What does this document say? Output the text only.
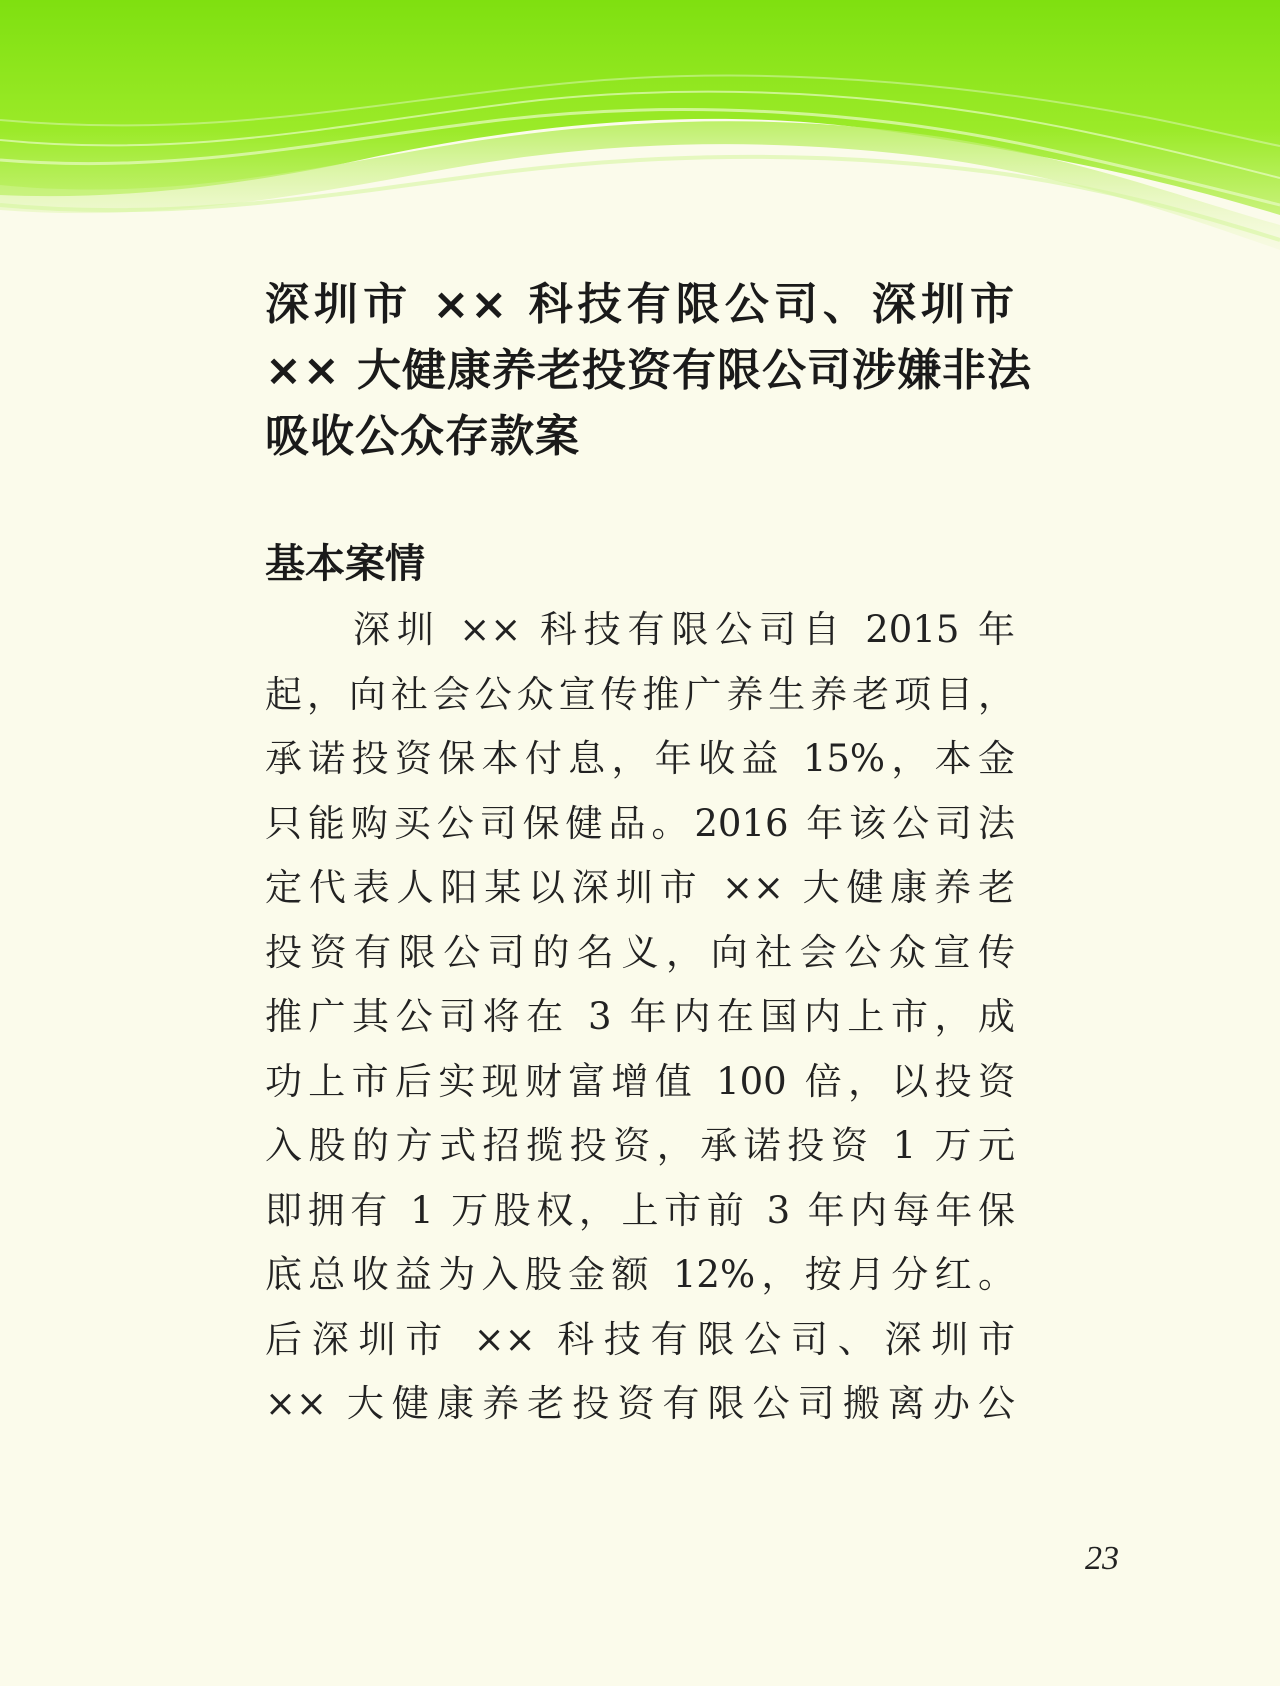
深圳市 ×× 科技有限公司、深圳市
×× 大健康养老投资有限公司涉嫌非法
吸收公众存款案
基本案情
深圳 ×× 科技有限公司自 2015 年
起，向社会公众宣传推广养生养老项目，
承诺投资保本付息，年收益 15%，本金
只能购买公司保健品。2016 年该公司法
定代表人阳某以深圳市 ×× 大健康养老
投资有限公司的名义，向社会公众宣传
推广其公司将在 3 年内在国内上市，成
功上市后实现财富增值 100 倍，以投资
入股的方式招揽投资，承诺投资 1 万元
即拥有 1 万股权，上市前 3 年内每年保
底总收益为入股金额 12%，按月分红。
后深圳市 ×× 科技有限公司、深圳市
×× 大健康养老投资有限公司搬离办公
23
